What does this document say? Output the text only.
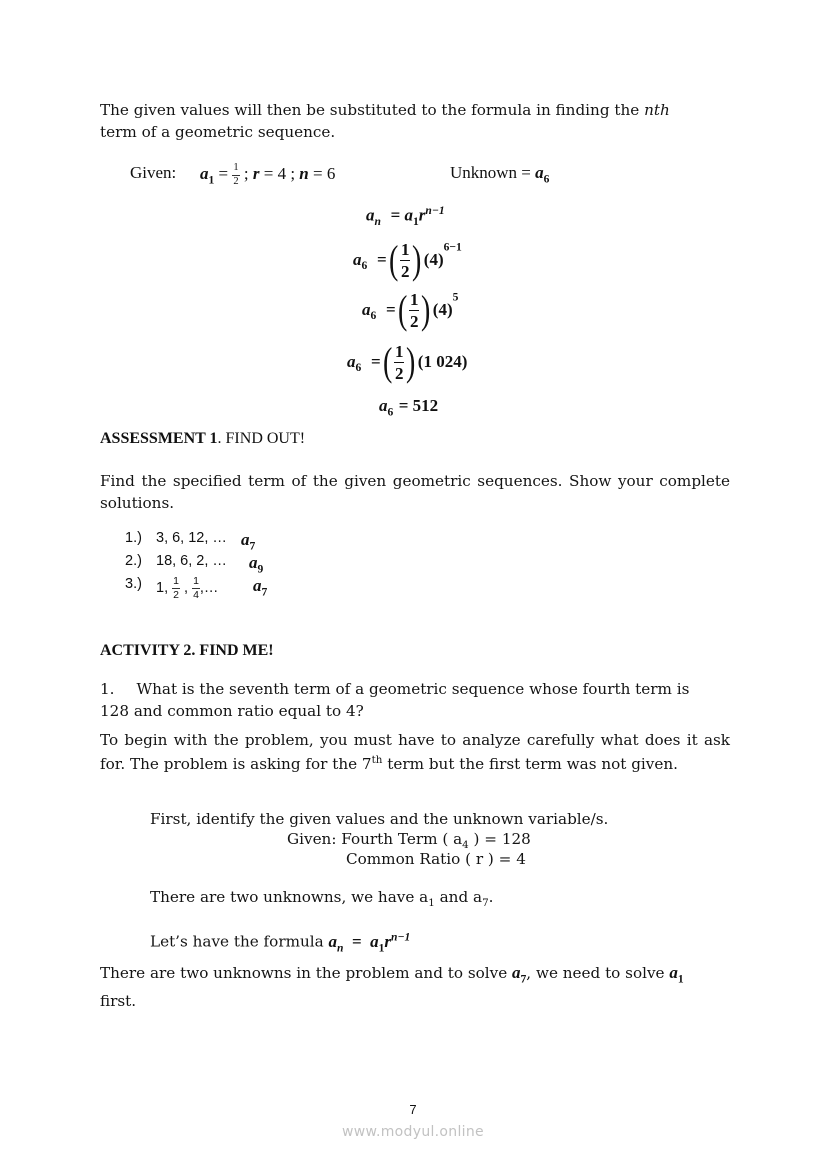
The given values will then be substituted to the formula in finding the nth
term of a geometric sequence.
Given: $a_1 = \frac{1}{2}$ ; r = 4 ; n = 6	Unknown = $a_6$
$a_n = a_1r^{n-1}$
$a_6$  =( $\frac{1}{2}$ ) $(4)^{6-1}$
$a_6$  =( $\frac{1}{2}$ ) $(4)^5$
$a_6$  =( $\frac{1}{2}$ ) (1 024)
$a_6 = 512$
ASSESSMENT 1. FIND OUT!
Find the specified term of the given geometric sequences. Show your complete solutions.
1.) 3, 6, 12, … $a_7$
2.) 18, 6, 2, … $a_9$
3.) 1, $\frac{1}{2}$ , $\frac{1}{4}$ ,… $a_7$
ACTIVITY 2. FIND ME!
1. What is the seventh term of a geometric sequence whose fourth term is
128 and common ratio equal to 4?
To begin with the problem, you must have to analyze carefully what does it ask for. The problem is asking for the 7th term but the first term was not given.
First, identify the given values and the unknown variable/s.
Given: Fourth Term ( $a_4$ ) = 128
Common Ratio ( r ) = 4
There are two unknowns, we have $a_1$ and $a_7$.
Let’s have the formula $a_n = a_1r^{n-1}$
There are two unknowns in the problem and to solve $a_7$, we need to solve $a_1$
first.
7
www.modyul.online
